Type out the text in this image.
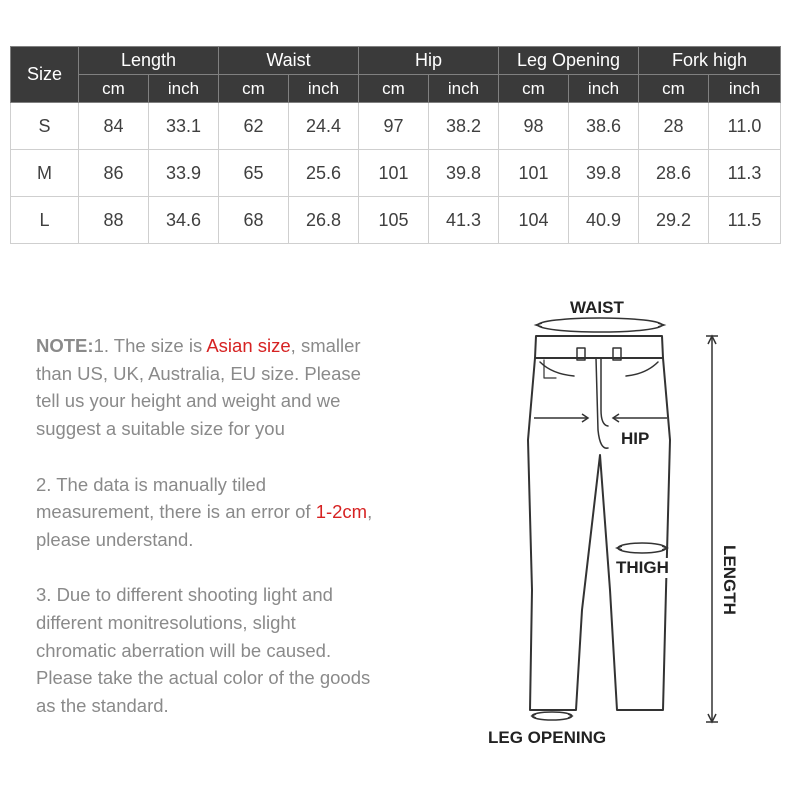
Size	Length		Waist		Hip		Leg Opening		Fork high	
	cm	inch	cm	inch	cm	inch	cm	inch	cm	inch
S	84	33.1	62	24.4	97	38.2	98	38.6	28	11.0
M	86	33.9	65	25.6	101	39.8	101	39.8	28.6	11.3
L	88	34.6	68	26.8	105	41.3	104	40.9	29.2	11.5

NOTE:1. The size is Asian size, smaller than US, UK, Australia, EU size. Please tell us your height and weight and we suggest a suitable size for you

2. The data is manually tiled measurement, there is an error of 1-2cm, please understand.

3. Due to different shooting light and different monitresolutions, slight chromatic aberration will be caused. Please take the actual color of the goods as the standard.

WAIST
HIP
THIGH
LEG OPENING
LENGTH
